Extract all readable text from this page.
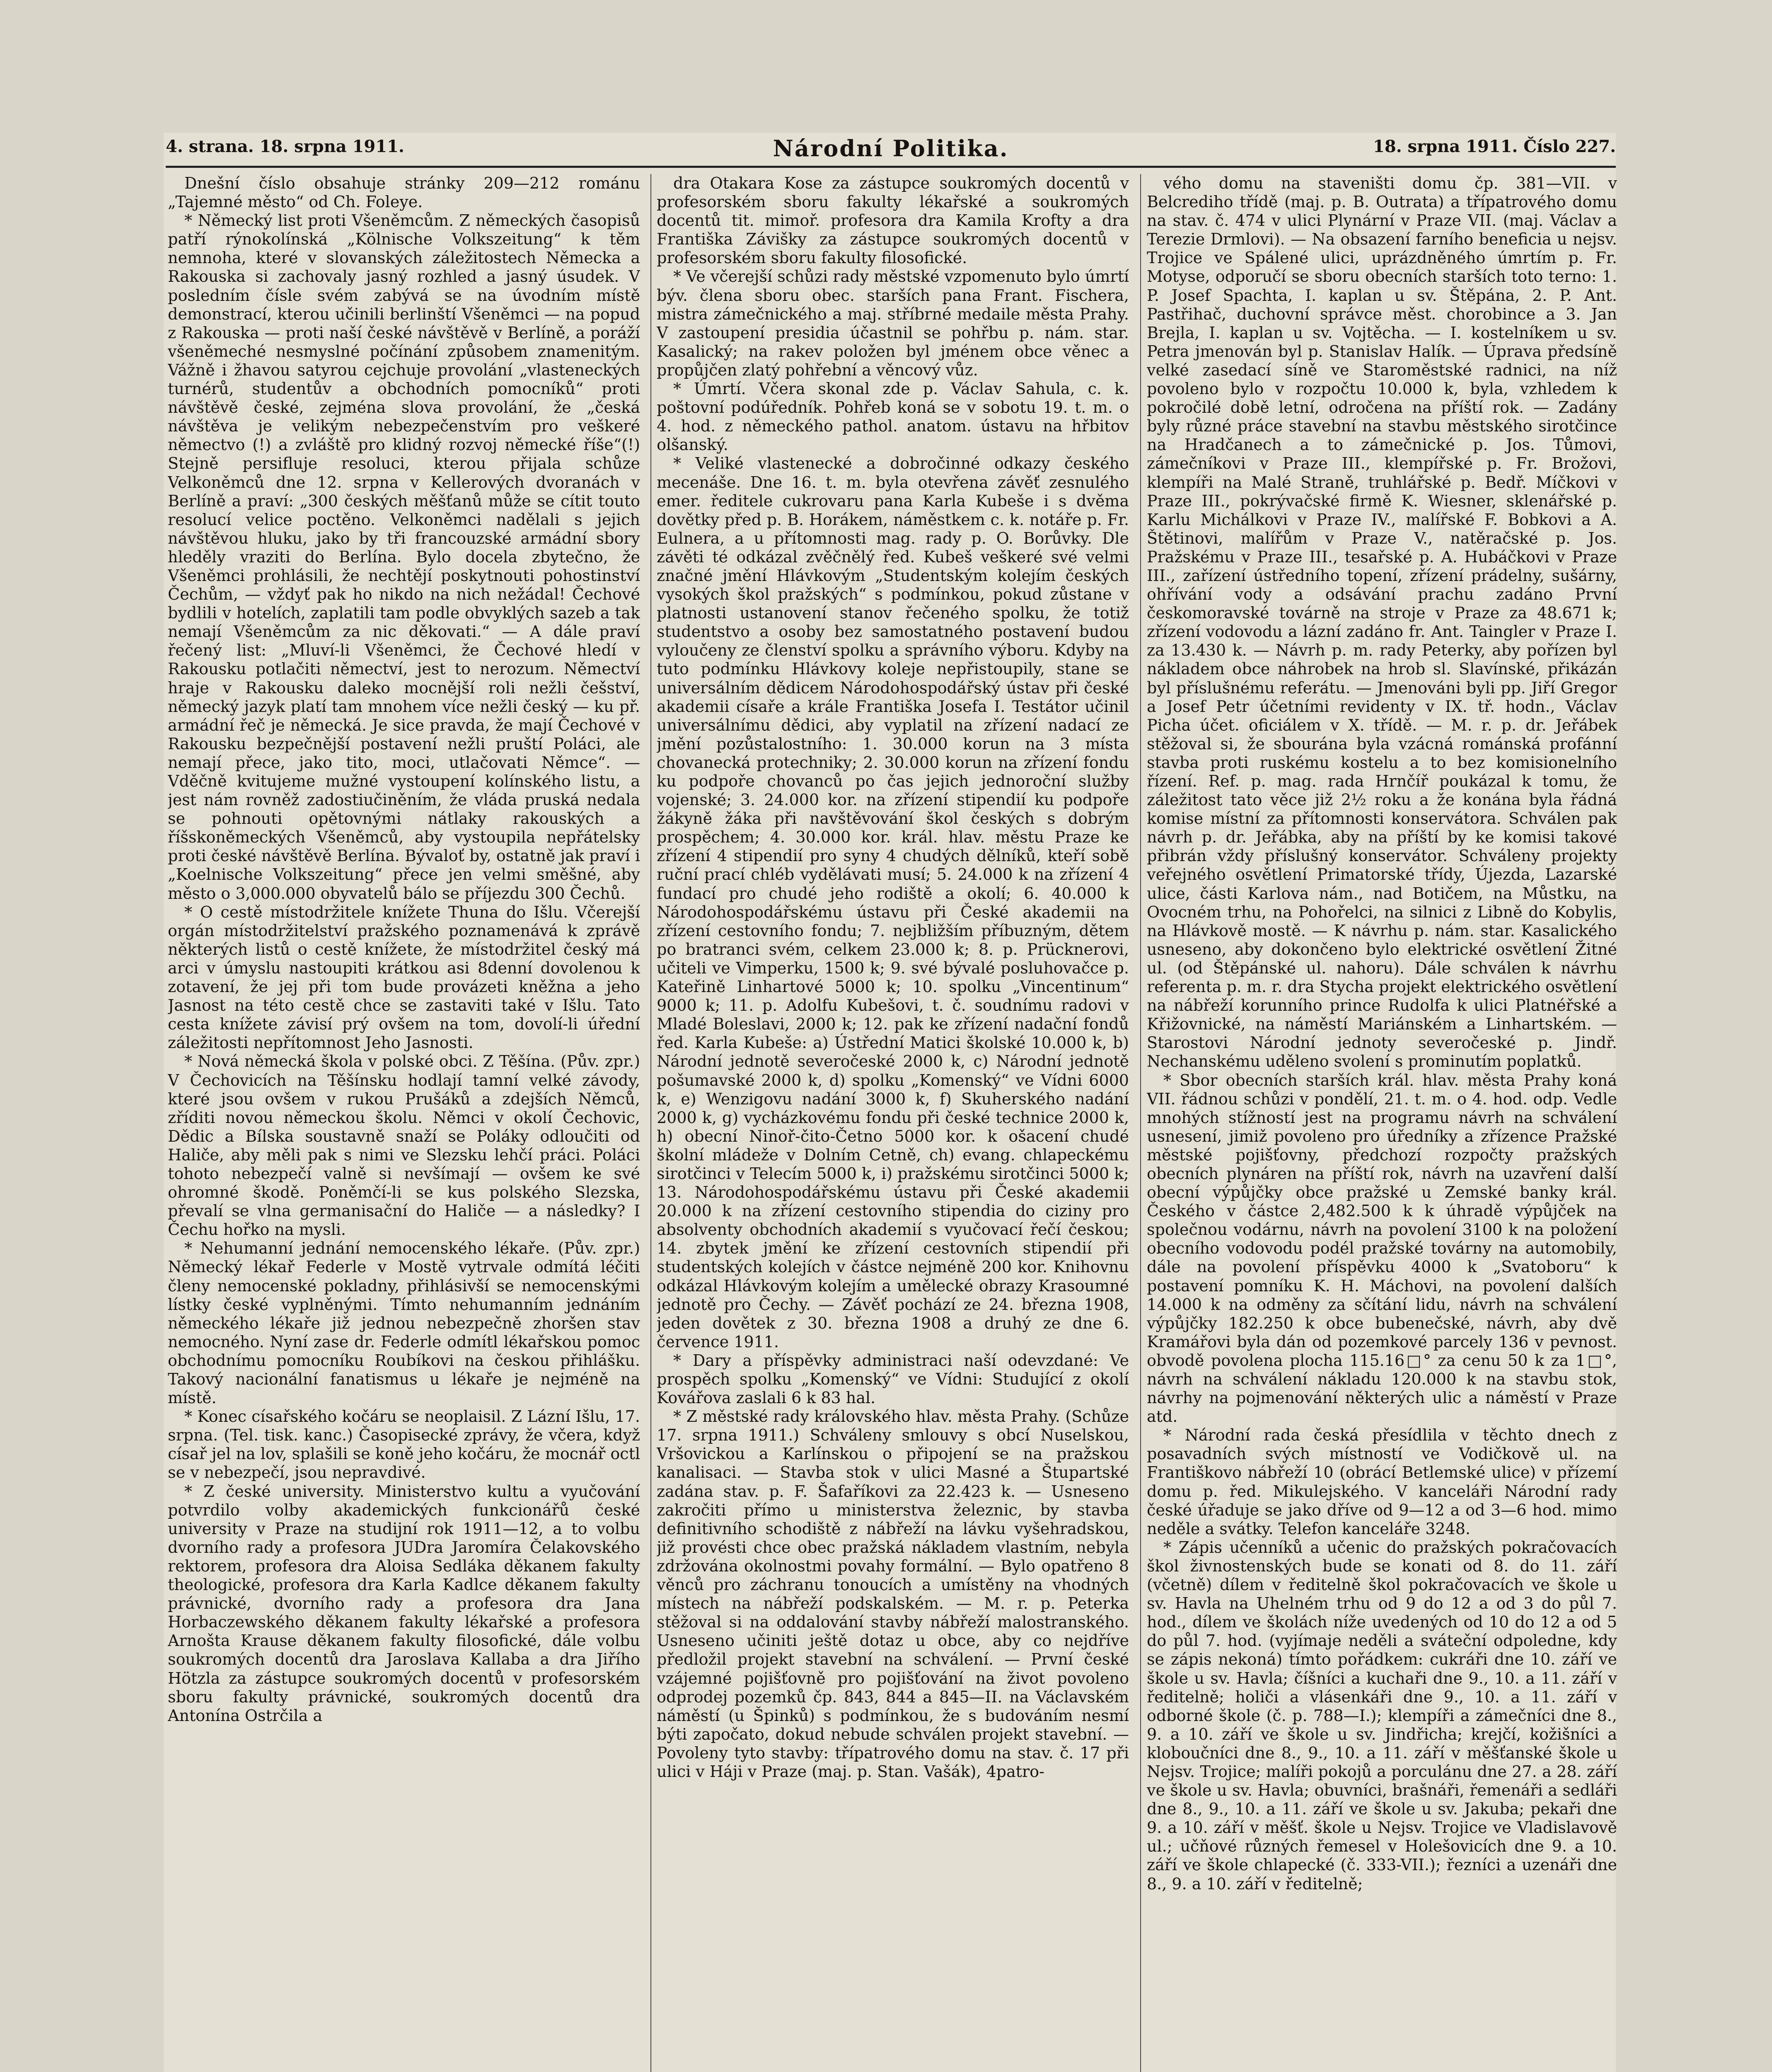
4. strana. 18. srpna 1911.	Národní Politika.	18. srpna 1911. Číslo 227.

Dnešní číslo obsahuje stránky 209—212 románu „Tajemné město“ od Ch. Foleye.

* Německý list proti Všeněmcům. Z německých časopisů patří rýnokolínská „Kölnische Volkszeitung“ k těm nemnoha, které v slovanských záležitostech Německa a Rakouska si zachovaly jasný rozhled a jasný úsudek. V posledním čísle svém zabývá se na úvodním místě demonstrací, kterou učinili berlinští Všeněmci — na popud z Rakouska — proti naší české návštěvě v Berlíně, a poráží všeněmeché nesmyslné počínání způsobem znamenitým. Vážně i žhavou satyrou cejchuje provolání „vlasteneckých turnérů, studentův a obchodních pomocníků“ proti návštěvě české, zejména slova provolání, že „česká návštěva je velikým nebezpečenstvím pro veškeré němectvo (!) a zvláště pro klidný rozvoj německé říše“(!) Stejně persifluje resoluci, kterou přijala schůze Velkoněmců dne 12. srpna v Kellerových dvoranách v Berlíně a praví: „300 českých měšťanů může se cítit touto resolucí velice poctěno. Velkoněmci nadělali s jejich návštěvou hluku, jako by tři francouzské armádní sbory hleděly vraziti do Berlína. Bylo docela zbytečno, že Všeněmci prohlásili, že nechtějí poskytnouti pohostinství Čechům, — vždyť pak ho nikdo na nich nežádal! Čechové bydlili v hotelích, zaplatili tam podle obvyklých sazeb a tak nemají Všeněmcům za nic děkovati.“ — A dále praví řečený list: „Mluví-li Všeněmci, že Čechové hledí v Rakousku potlačiti němectví, jest to nerozum. Němectví hraje v Rakousku daleko mocnější roli nežli češství, německý jazyk platí tam mnohem více nežli český — ku př. armádní řeč je německá. Je sice pravda, že mají Čechové v Rakousku bezpečnější postavení nežli pruští Poláci, ale nemají přece, jako tito, moci, utlačovati Němce“. — Vděčně kvitujeme mužné vystoupení kolínského listu, a jest nám rovněž zadostiučiněním, že vláda pruská nedala se pohnouti opětovnými nátlaky rakouských a říšskoněmeckých Všeněmců, aby vystoupila nepřátelsky proti české návštěvě Berlína. Bývaloť by, ostatně jak praví i „Koelnische Volkszeitung“ přece jen velmi směšné, aby město o 3,000.000 obyvatelů bálo se příjezdu 300 Čechů.

* O cestě místodržitele knížete Thuna do Išlu. Včerejší orgán místodržitelství pražského poznamenává k zprávě některých listů o cestě knížete, že místodržitel český má arci v úmyslu nastoupiti krátkou asi 8denní dovolenou k zotavení, že jej při tom bude provázeti kněžna a jeho Jasnost na této cestě chce se zastaviti také v Išlu. Tato cesta knížete závisí prý ovšem na tom, dovolí-li úřední záležitosti nepřítomnost Jeho Jasnosti.

* Nová německá škola v polské obci. Z Těšína. (Pův. zpr.) V Čechovicích na Těšínsku hodlají tamní velké závody, které jsou ovšem v rukou Prušáků a zdejších Němců, zříditi novou německou školu. Němci v okolí Čechovic, Dědic a Bílska soustavně snaží se Poláky odloučiti od Haliče, aby měli pak s nimi ve Slezsku lehčí práci. Poláci tohoto nebezpečí valně si nevšímají — ovšem ke své ohromné škodě. Poněmčí-li se kus polského Slezska, převalí se vlna germanisační do Haliče — a následky? I Čechu hořko na mysli.

* Nehumanní jednání nemocenského lékaře. (Pův. zpr.) Německý lékař Federle v Mostě vytrvale odmítá léčiti členy nemocenské pokladny, přihlásivší se nemocenskými lístky české vyplněnými. Tímto nehumanním jednáním německého lékaře již jednou nebezpečně zhoršen stav nemocného. Nyní zase dr. Federle odmítl lékařskou pomoc obchodnímu pomocníku Roubíkovi na českou přihlášku. Takový nacionální fanatismus u lékaře je nejméně na místě.

* Konec císařského kočáru se neoplaisil. Z Lázní Išlu, 17. srpna. (Tel. tisk. kanc.) Časopisecké zprávy, že včera, když císař jel na lov, splašili se koně jeho kočáru, že mocnář octl se v nebezpečí, jsou nepravdivé.

* Z české university. Ministerstvo kultu a vyučování potvrdilo volby akademických funkcionářů české university v Praze na studijní rok 1911—12, a to volbu dvorního rady a profesora JUDra Jaromíra Čelakovského rektorem, profesora dra Aloisa Sedláka děkanem fakulty theologické, profesora dra Karla Kadlce děkanem fakulty právnické, dvorního rady a profesora dra Jana Horbaczewského děkanem fakulty lékařské a profesora Arnošta Krause děkanem fakulty filosofické, dále volbu soukromých docentů dra Jaroslava Kallaba a dra Jiřího Hötzla za zástupce soukromých docentů v profesorském sboru fakulty právnické, soukromých docentů dra Antonína Ostrčila a

dra Otakara Kose za zástupce soukromých docentů v profesorském sboru fakulty lékařské a soukromých docentů tit. mimoř. profesora dra Kamila Krofty a dra Františka Závišky za zástupce soukromých docentů v profesorském sboru fakulty filosofické.

* Ve včerejší schůzi rady městské vzpomenuto bylo úmrtí býv. člena sboru obec. starších pana Frant. Fischera, mistra zámečnického a maj. stříbrné medaile města Prahy. V zastoupení presidia účastnil se pohřbu p. nám. star. Kasalický; na rakev položen byl jménem obce věnec a propůjčen zlatý pohřební a věncový vůz.

* Úmrtí. Včera skonal zde p. Václav Sahula, c. k. poštovní podúředník. Pohřeb koná se v sobotu 19. t. m. o 4. hod. z německého pathol. anatom. ústavu na hřbitov olšanský.

* Veliké vlastenecké a dobročinné odkazy českého mecenáše. Dne 16. t. m. byla otevřena závěť zesnulého emer. ředitele cukrovaru pana Karla Kubeše i s dvěma dovětky před p. B. Horákem, náměstkem c. k. notáře p. Fr. Eulnera, a u přítomnosti mag. rady p. O. Borůvky. Dle závěti té odkázal zvěčnělý řed. Kubeš veškeré své velmi značné jmění Hlávkovým „Studentským kolejím českých vysokých škol pražských“ s podmínkou, pokud zůstane v platnosti ustanovení stanov řečeného spolku, že totiž studentstvo a osoby bez samostatného postavení budou vyloučeny ze členství spolku a správního výboru. Kdyby na tuto podmínku Hlávkovy koleje nepřistoupily, stane se universálním dědicem Národohospodářský ústav při české akademii císaře a krále Františka Josefa I. Testátor učinil universálnímu dědici, aby vyplatil na zřízení nadací ze jmění pozůstalostního: 1. 30.000 korun na 3 místa chovanecká protechniky; 2. 30.000 korun na zřízení fondu ku podpoře chovanců po čas jejich jednoroční služby vojenské; 3. 24.000 kor. na zřízení stipendií ku podpoře žákyně žáka při navštěvování škol českých s dobrým prospěchem; 4. 30.000 kor. král. hlav. městu Praze ke zřízení 4 stipendií pro syny 4 chudých dělníků, kteří sobě ruční prací chléb vydělávati musí; 5. 24.000 k na zřízení 4 fundací pro chudé jeho rodiště a okolí; 6. 40.000 k Národohospodářskému ústavu při České akademii na zřízení cestovního fondu; 7. nejbližším příbuzným, dětem po bratranci svém, celkem 23.000 k; 8. p. Prücknerovi, učiteli ve Vimperku, 1500 k; 9. své bývalé posluhovačce p. Kateřině Linhartové 5000 k; 10. spolku „Vincentinum“ 9000 k; 11. p. Adolfu Kubešovi, t. č. soudnímu radovi v Mladé Boleslavi, 2000 k; 12. pak ke zřízení nadační fondů řed. Karla Kubeše: a) Ústřední Matici školské 10.000 k, b) Národní jednotě severočeské 2000 k, c) Národní jednotě pošumavské 2000 k, d) spolku „Komenský“ ve Vídni 6000 k, e) Wenzigovu nadání 3000 k, f) Skuherského nadání 2000 k, g) vycházkovému fondu při české technice 2000 k, h) obecní Ninoř-čito-Četno 5000 kor. k ošacení chudé školní mládeže v Dolním Cetně, ch) evang. chlapeckému sirotčinci v Telecím 5000 k, i) pražskému sirotčinci 5000 k; 13. Národohospodářskému ústavu při České akademii 20.000 k na zřízení cestovního stipendia do ciziny pro absolventy obchodních akademií s vyučovací řečí českou; 14. zbytek jmění ke zřízení cestovních stipendií při studentských kolejích v částce nejméně 200 kor. Knihovnu odkázal Hlávkovým kolejím a umělecké obrazy Krasoumné jednotě pro Čechy. — Závěť pochází ze 24. března 1908, jeden dovětek z 30. března 1908 a druhý ze dne 6. července 1911.

* Dary a příspěvky administraci naší odevzdané: Ve prospěch spolku „Komenský“ ve Vídni: Studující z okolí Kovářova zaslali 6 k 83 hal.

* Z městské rady královského hlav. města Prahy. (Schůze 17. srpna 1911.) Schváleny smlouvy s obcí Nuselskou, Vršovickou a Karlínskou o připojení se na pražskou kanalisaci. — Stavba stok v ulici Masné a Štupartské zadána stav. p. F. Šafaříkovi za 22.423 k. — Usneseno zakročiti přímo u ministerstva železnic, by stavba definitivního schodiště z nábřeží na lávku vyšehradskou, již provésti chce obec pražská nákladem vlastním, nebyla zdržována okolnostmi povahy formální. — Bylo opatřeno 8 věnců pro záchranu tonoucích a umístěny na vhodných místech na nábřeží podskalském. — M. r. p. Peterka stěžoval si na oddalování stavby nábřeží malostranského. Usneseno učiniti ještě dotaz u obce, aby co nejdříve předložil projekt stavební na schválení. — První české vzájemné pojišťovně pro pojišťování na život povoleno odprodej pozemků čp. 843, 844 a 845—II. na Václavském náměstí (u Špinků) s podmínkou, že s budováním nesmí býti započato, dokud nebude schválen projekt stavební. — Povoleny tyto stavby: třípatrového domu na stav. č. 17 při ulici v Háji v Praze (maj. p. Stan. Vašák), 4patro-

vého domu na staveništi domu čp. 381—VII. v Belcrediho třídě (maj. p. B. Outrata) a třípatrového domu na stav. č. 474 v ulici Plynární v Praze VII. (maj. Václav a Terezie Drmlovi). — Na obsazení farního beneficia u nejsv. Trojice ve Spálené ulici, uprázdněného úmrtím p. Fr. Motyse, odporučí se sboru obecních starších toto terno: 1. P. Josef Spachta, I. kaplan u sv. Štěpána, 2. P. Ant. Pastřihač, duchovní správce měst. chorobince a 3. Jan Brejla, I. kaplan u sv. Vojtěcha. — I. kostelníkem u sv. Petra jmenován byl p. Stanislav Halík. — Úprava předsíně velké zasedací síně ve Staroměstské radnici, na níž povoleno bylo v rozpočtu 10.000 k, byla, vzhledem k pokročilé době letní, odročena na příští rok. — Zadány byly různé práce stavební na stavbu městského sirotčince na Hradčanech a to zámečnické p. Jos. Tůmovi, zámečníkovi v Praze III., klempířské p. Fr. Brožovi, klempíři na Malé Straně, truhlářské p. Bedř. Míčkovi v Praze III., pokrývačské firmě K. Wiesner, sklenářské p. Karlu Michálkovi v Praze IV., malířské F. Bobkovi a A. Štětinovi, malířům v Praze V., natěračské p. Jos. Pražskému v Praze III., tesařské p. A. Hubáčkovi v Praze III., zařízení ústředního topení, zřízení prádelny, sušárny, ohřívání vody a odsávání prachu zadáno První českomoravské továrně na stroje v Praze za 48.671 k; zřízení vodovodu a lázní zadáno fr. Ant. Taingler v Praze I. za 13.430 k. — Návrh p. m. rady Peterky, aby pořízen byl nákladem obce náhrobek na hrob sl. Slavínské, přikázán byl příslušnému referátu. — Jmenováni byli pp. Jiří Gregor a Josef Petr účetními revidenty v IX. tř. hodn., Václav Picha účet. oficiálem v X. třídě. — M. r. p. dr. Jeřábek stěžoval si, že sbourána byla vzácná románská profánní stavba proti ruskému kostelu a to bez komisionelního řízení. Ref. p. mag. rada Hrnčíř poukázal k tomu, že záležitost tato věce již 2½ roku a že konána byla řádná komise místní za přítomnosti konservátora. Schválen pak návrh p. dr. Jeřábka, aby na příští by ke komisi takové přibrán vždy příslušný konservátor. Schváleny projekty veřejného osvětlení Primatorské třídy, Újezda, Lazarské ulice, části Karlova nám., nad Botičem, na Můstku, na Ovocném trhu, na Pohořelci, na silnici z Libně do Kobylis, na Hlávkově mostě. — K návrhu p. nám. star. Kasalického usneseno, aby dokončeno bylo elektrické osvětlení Žitné ul. (od Štěpánské ul. nahoru). Dále schválen k návrhu referenta p. m. r. dra Stycha projekt elektrického osvětlení na nábřeží korunního prince Rudolfa k ulici Platnéřské a Křižovnické, na náměstí Mariánském a Linhartském. — Starostovi Národní jednoty severočeské p. Jindř. Nechanskému uděleno svolení s prominutím poplatků.

* Sbor obecních starších král. hlav. města Prahy koná VII. řádnou schůzi v pondělí, 21. t. m. o 4. hod. odp. Vedle mnohých stížností jest na programu návrh na schválení usnesení, jimiž povoleno pro úředníky a zřízence Pražské městské pojišťovny, předchozí rozpočty pražských obecních plynáren na příští rok, návrh na uzavření další obecní výpůjčky obce pražské u Zemské banky král. Českého v částce 2,482.500 k k úhradě výpůjček na společnou vodárnu, návrh na povolení 3100 k na položení obecního vodovodu podél pražské továrny na automobily, dále na povolení příspěvku 4000 k „Svatoboru“ k postavení pomníku K. H. Máchovi, na povolení dalších 14.000 k na odměny za sčítání lidu, návrh na schválení výpůjčky 182.250 k obce bubenečské, návrh, aby dvě Kramářovi byla dán od pozemkové parcely 136 v pevnost. obvodě povolena plocha 115.16□° za cenu 50 k za 1□°, návrh na schválení nákladu 120.000 k na stavbu stok, návrhy na pojmenování některých ulic a náměstí v Praze atd.

* Národní rada česká přesídlila v těchto dnech z posavadních svých místností ve Vodičkově ul. na Františkovo nábřeží 10 (obrácí Betlemské ulice) v přízemí domu p. řed. Mikulejského. V kanceláři Národní rady české úřaduje se jako dříve od 9—12 a od 3—6 hod. mimo neděle a svátky. Telefon kanceláře 3248.

* Zápis učenníků a učenic do pražských pokračovacích škol živnostenských bude se konati od 8. do 11. září (včetně) dílem v ředitelně škol pokračovacích ve škole u sv. Havla na Uhelném trhu od 9 do 12 a od 3 do půl 7. hod., dílem ve školách níže uvedených od 10 do 12 a od 5 do půl 7. hod. (vyjímaje neděli a sváteční odpoledne, kdy se zápis nekoná) tímto pořádkem: cukráři dne 10. září ve škole u sv. Havla; číšníci a kuchaři dne 9., 10. a 11. září v ředitelně; holiči a vlásenkáři dne 9., 10. a 11. září v odborné škole (č. p. 788—I.); klempíři a zámečníci dne 8., 9. a 10. září ve škole u sv. Jindřicha; krejčí, kožišníci a kloboučníci dne 8., 9., 10. a 11. září v měšťanské škole u Nejsv. Trojice; malíři pokojů a porculánu dne 27. a 28. září ve škole u sv. Havla; obuvníci, brašnáři, řemenáři a sedláři dne 8., 9., 10. a 11. září ve škole u sv. Jakuba; pekaři dne 9. a 10. září v měšť. škole u Nejsv. Trojice ve Vladislavově ul.; učňové různých řemesel v Holešovicích dne 9. a 10. září ve škole chlapecké (č. 333-VII.); řezníci a uzenáři dne 8., 9. a 10. září v ředitelně;
